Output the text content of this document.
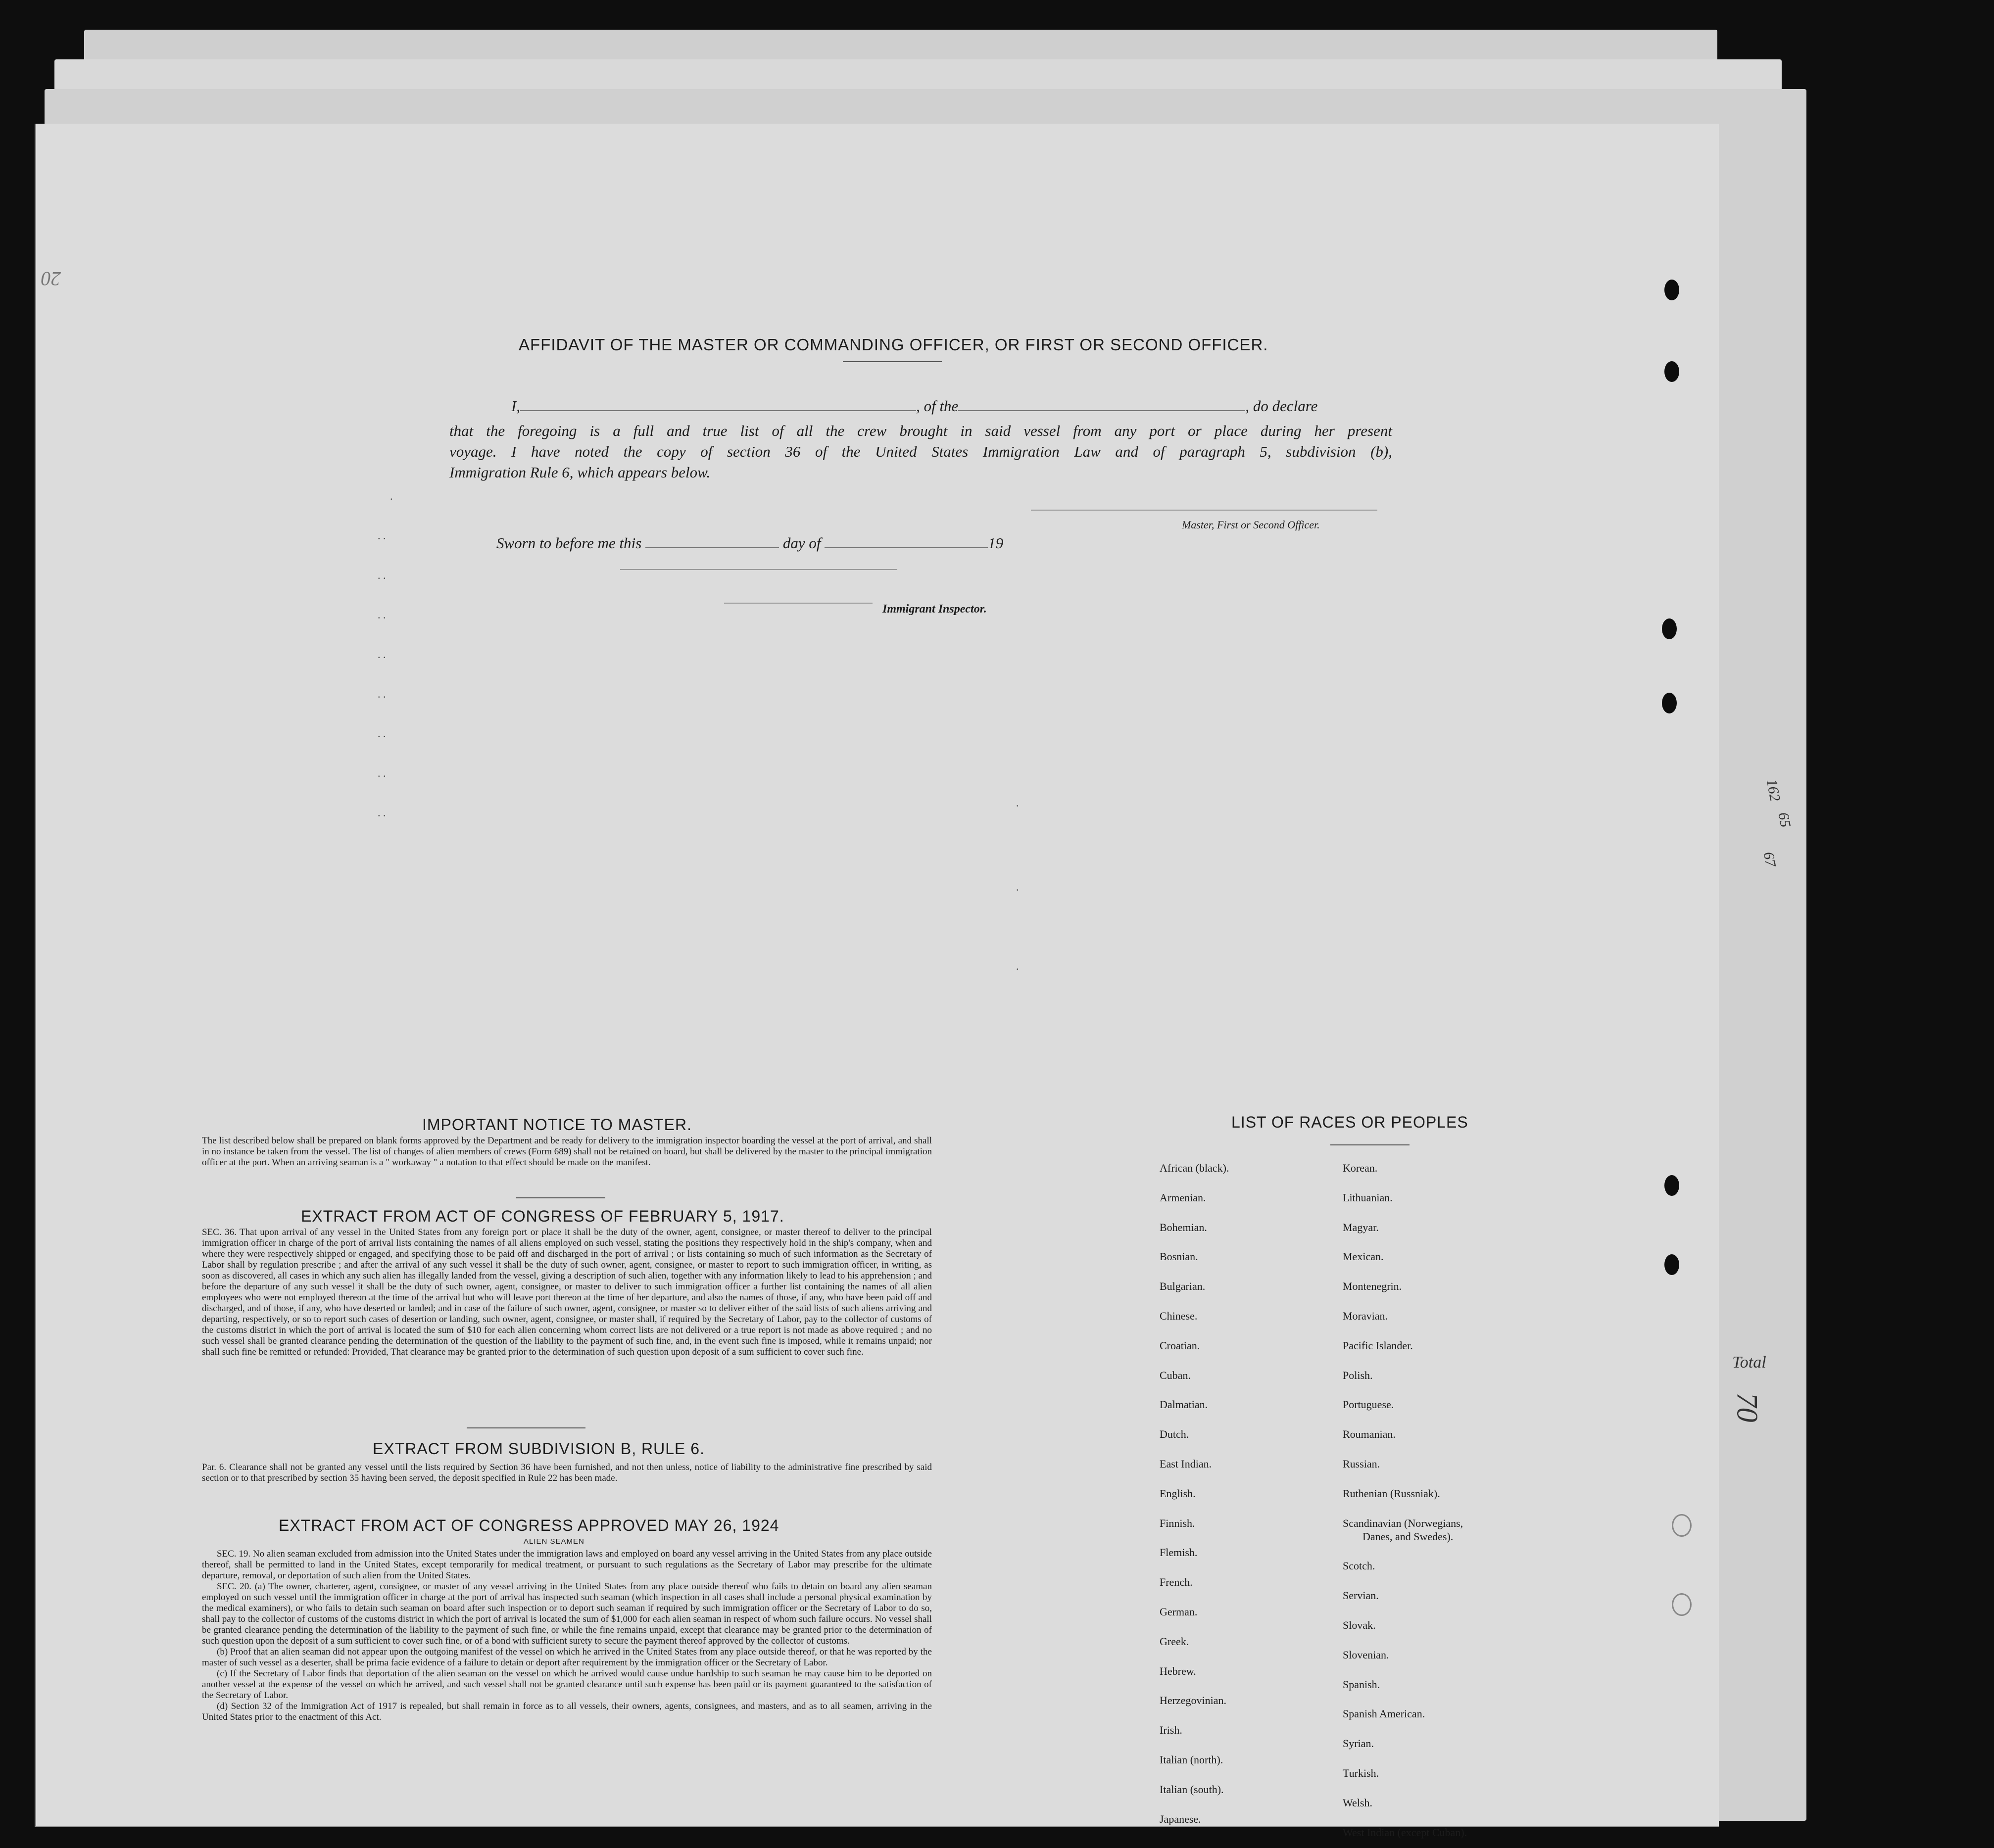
162
65
67
Total
70
20
AFFIDAVIT OF THE MASTER OR COMMANDING OFFICER, OR FIRST OR SECOND OFFICER.
I,	, of the	, do declare
that the foregoing is a full and true list of all the crew brought in said vessel from any port or place during her present
voyage. I have noted the copy of section 36 of the United States Immigration Law and of paragraph 5, subdivision (b),
Immigration Rule 6, which appears below.
Master, First or Second Officer.
Sworn to before me this	day of	19
Immigrant Inspector.
.
. .
. .
. .
. .
. .
. .
. .
. .
.
.
.
IMPORTANT NOTICE TO MASTER.
The list described below shall be prepared on blank forms approved by the Department and be ready for delivery to the immigration inspector boarding the vessel at the port of arrival, and shall in no instance be taken from the vessel. The list of changes of alien members of crews (Form 689) shall not be retained on board, but shall be delivered by the master to the principal immigration officer at the port. When an arriving seaman is a " workaway " a notation to that effect should be made on the manifest.
EXTRACT FROM ACT OF CONGRESS OF FEBRUARY 5, 1917.
SEC. 36. That upon arrival of any vessel in the United States from any foreign port or place it shall be the duty of the owner, agent, consignee, or master thereof to deliver to the principal immigration officer in charge of the port of arrival lists containing the names of all aliens employed on such vessel, stating the positions they respectively hold in the ship's company, when and where they were respectively shipped or engaged, and specifying those to be paid off and discharged in the port of arrival ; or lists containing so much of such information as the Secretary of Labor shall by regulation prescribe ; and after the arrival of any such vessel it shall be the duty of such owner, agent, consignee, or master to report to such immigration officer, in writing, as soon as discovered, all cases in which any such alien has illegally landed from the vessel, giving a description of such alien, together with any information likely to lead to his apprehension ; and before the departure of any such vessel it shall be the duty of such owner, agent, consignee, or master to deliver to such immigration officer a further list containing the names of all alien employees who were not employed thereon at the time of the arrival but who will leave port thereon at the time of her departure, and also the names of those, if any, who have been paid off and discharged, and of those, if any, who have deserted or landed; and in case of the failure of such owner, agent, consignee, or master so to deliver either of the said lists of such aliens arriving and departing, respectively, or so to report such cases of desertion or landing, such owner, agent, consignee, or master shall, if required by the Secretary of Labor, pay to the collector of customs of the customs district in which the port of arrival is located the sum of $10 for each alien concerning whom correct lists are not delivered or a true report is not made as above required ; and no such vessel shall be granted clearance pending the determination of the question of the liability to the payment of such fine, and, in the event such fine is imposed, while it remains unpaid; nor shall such fine be remitted or refunded: Provided, That clearance may be granted prior to the determination of such question upon deposit of a sum sufficient to cover such fine.
EXTRACT FROM SUBDIVISION B, RULE 6.
Par. 6. Clearance shall not be granted any vessel until the lists required by Section 36 have been furnished, and not then unless, notice of liability to the administrative fine prescribed by said section or to that prescribed by section 35 having been served, the deposit specified in Rule 22 has been made.
EXTRACT FROM ACT OF CONGRESS APPROVED MAY 26, 1924
ALIEN SEAMEN
SEC. 19. No alien seaman excluded from admission into the United States under the immigration laws and employed on board any vessel arriving in the United States from any place outside thereof, shall be permitted to land in the United States, except temporarily for medical treatment, or pursuant to such regulations as the Secretary of Labor may prescribe for the ultimate departure, removal, or deportation of such alien from the United States.
SEC. 20. (a) The owner, charterer, agent, consignee, or master of any vessel arriving in the United States from any place outside thereof who fails to detain on board any alien seaman employed on such vessel until the immigration officer in charge at the port of arrival has inspected such seaman (which inspection in all cases shall include a personal physical examination by the medical examiners), or who fails to detain such seaman on board after such inspection or to deport such seaman if required by such immigration officer or the Secretary of Labor to do so, shall pay to the collector of customs of the customs district in which the port of arrival is located the sum of $1,000 for each alien seaman in respect of whom such failure occurs. No vessel shall be granted clearance pending the determination of the liability to the payment of such fine, or while the fine remains unpaid, except that clearance may be granted prior to the determination of such question upon the deposit of a sum sufficient to cover such fine, or of a bond with sufficient surety to secure the payment thereof approved by the collector of customs.
(b) Proof that an alien seaman did not appear upon the outgoing manifest of the vessel on which he arrived in the United States from any place outside thereof, or that he was reported by the master of such vessel as a deserter, shall be prima facie evidence of a failure to detain or deport after requirement by the immigration officer or the Secretary of Labor.
(c) If the Secretary of Labor finds that deportation of the alien seaman on the vessel on which he arrived would cause undue hardship to such seaman he may cause him to be deported on another vessel at the expense of the vessel on which he arrived, and such vessel shall not be granted clearance until such expense has been paid or its payment guaranteed to the satisfaction of the Secretary of Labor.
(d) Section 32 of the Immigration Act of 1917 is repealed, but shall remain in force as to all vessels, their owners, agents, consignees, and masters, and as to all seamen, arriving in the United States prior to the enactment of this Act.
LIST OF RACES OR PEOPLES
African (black).
Armenian.
Bohemian.
Bosnian.
Bulgarian.
Chinese.
Croatian.
Cuban.
Dalmatian.
Dutch.
East Indian.
English.
Finnish.
Flemish.
French.
German.
Greek.
Hebrew.
Herzegovinian.
Irish.
Italian (north).
Italian (south).
Japanese.
Korean.
Lithuanian.
Magyar.
Mexican.
Montenegrin.
Moravian.
Pacific Islander.
Polish.
Portuguese.
Roumanian.
Russian.
Ruthenian (Russniak).
Scandinavian (Norwegians,
Danes, and Swedes).
Scotch.
Servian.
Slovak.
Slovenian.
Spanish.
Spanish American.
Syrian.
Turkish.
Welsh.
West Indian (except Cuban).
